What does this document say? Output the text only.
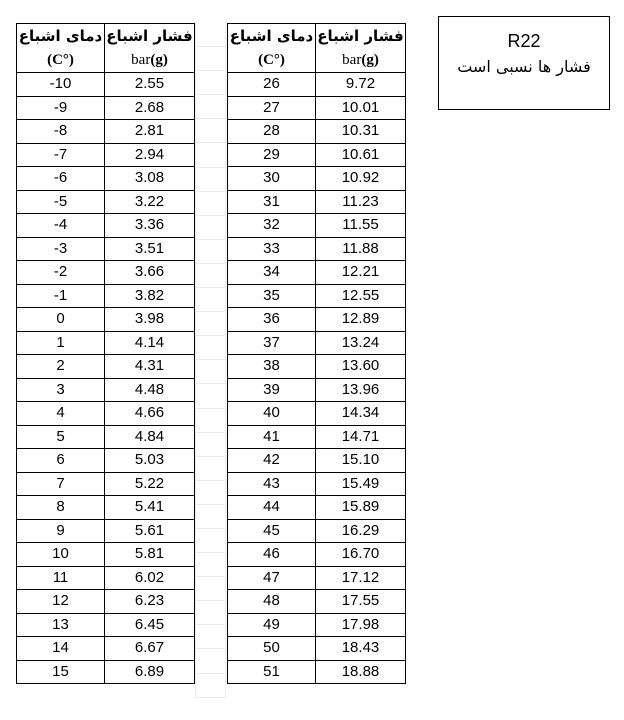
دمای اشباع	فشار اشباع
(C°)	bar(g)
-10	2.55
-9	2.68
-8	2.81
-7	2.94
-6	3.08
-5	3.22
-4	3.36
-3	3.51
-2	3.66
-1	3.82
0	3.98
1	4.14
2	4.31
3	4.48
4	4.66
5	4.84
6	5.03
7	5.22
8	5.41
9	5.61
10	5.81
11	6.02
12	6.23
13	6.45
14	6.67
15	6.89
دمای اشباع	فشار اشباع
(C°)	bar(g)
26	9.72
27	10.01
28	10.31
29	10.61
30	10.92
31	11.23
32	11.55
33	11.88
34	12.21
35	12.55
36	12.89
37	13.24
38	13.60
39	13.96
40	14.34
41	14.71
42	15.10
43	15.49
44	15.89
45	16.29
46	16.70
47	17.12
48	17.55
49	17.98
50	18.43
51	18.88
R22
فشار ها نسبی است
